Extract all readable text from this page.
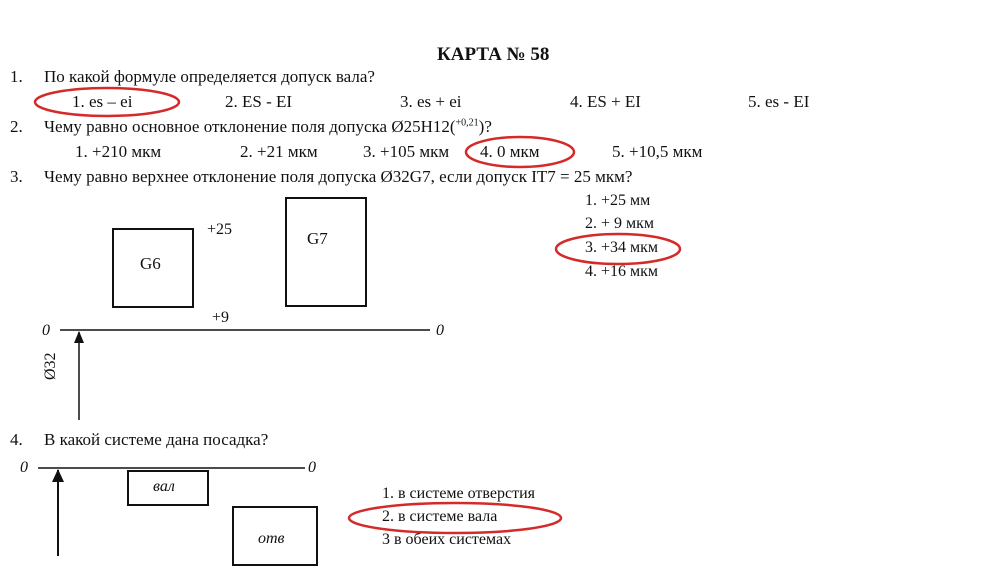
КАРТА № 58
1. По какой формуле определяется допуск вала?
1. es – ei	2. ES - EI	3. es + ei	4. ES + EI	5. es - EI
2. Чему равно основное отклонение поля допуска Ø25H12($^{+0,21}$)?
1. +210 мкм	2. +21 мкм	3. +105 мкм 4. 0 мкм	5. +10,5 мкм
3. Чему равно верхнее отклонение поля допуска Ø32G7, если допуск IT7 = 25 мкм?
1. +25 мм
2. + 9 мкм
3. +34 мкм
4. +16 мкм
G6
G7
+25
+9
0	0
Ø32
4. В какой системе дана посадка?
0	0
вал
отв
1. в системе отверстия
2. в системе вала
3 в обеих системах
